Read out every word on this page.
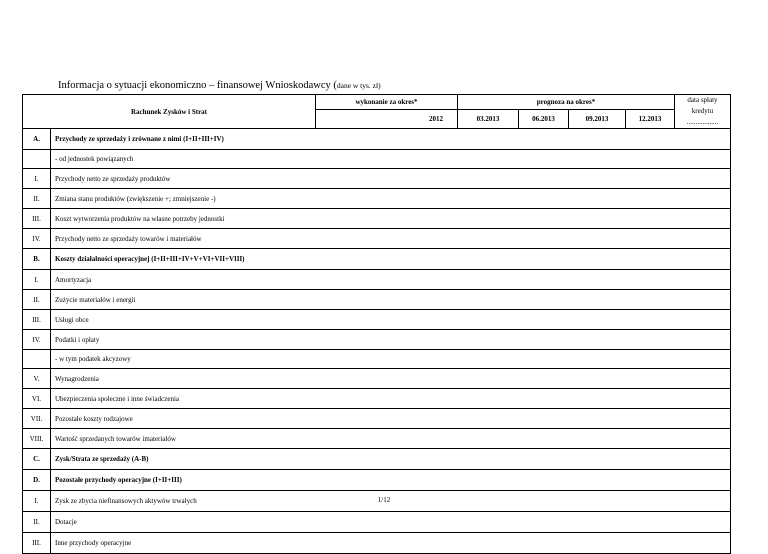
Informacja o sytuacji ekonomiczno – finansowej Wnioskodawcy (dane w tys. zł)
Rachunek Zysków i Strat		wykonanie za okres*	prognoza na okres*				data spłaty
kredytu
..................
		2012	03.2013	06.2013	09.2013	12.2013	
A.	Przychody ze sprzedaży i zrównane z nimi (I+II+III+IV)						
	- od jednostek powiązanych						
I.	Przychody netto ze sprzedaży produktów						
II.	Zmiana stanu produktów (zwiększenie +; zmniejszenie -)						
III.	Koszt wytworzenia produktów na własne potrzeby jednostki						
IV.	Przychody netto ze sprzedaży towarów i materiałów						
B.	Koszty działalności operacyjnej (I+II+III+IV+V+VI+VII+VIII)						
I.	Amortyzacja						
II.	Zużycie materiałów i energii						
III.	Usługi obce						
IV.	Podatki i opłaty						
	- w tym podatek akcyzowy						
V.	Wynagrodzenia						
VI.	Ubezpieczenia społeczne i inne świadczenia						
VII.	Pozostałe koszty rodzajowe						
VIII.	Wartość sprzedanych towarów imateriałów						
C.	Zysk/Strata ze sprzedaży (A-B)						
D.	Pozostałe przychody operacyjne (I+II+III)						
I.	Zysk ze zbycia niefinansowych aktywów trwałych						
II.	Dotacje						
III.	Inne przychody operacyjne						
1/12
